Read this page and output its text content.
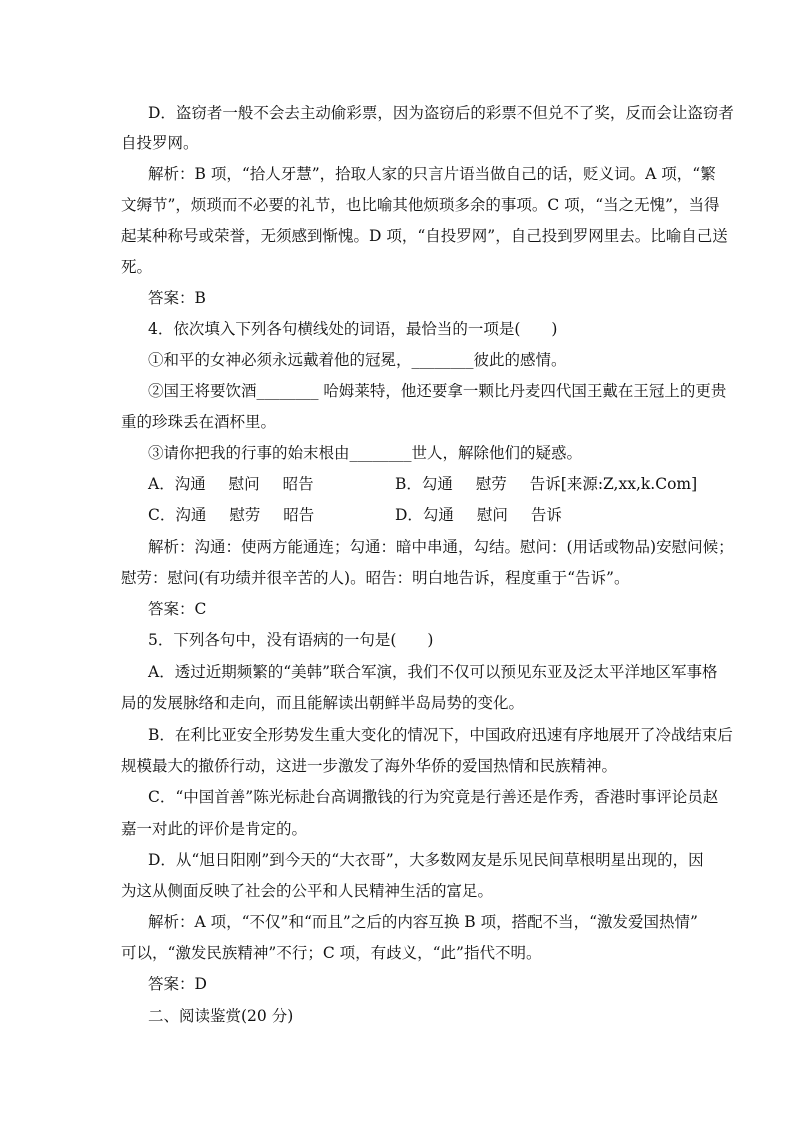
D．盗窃者一般不会去主动偷彩票，因为盗窃后的彩票不但兑不了奖，反而会让盗窃者
自投罗网。
解析：B 项，“拾人牙慧”，拾取人家的只言片语当做自己的话，贬义词。A 项，“繁
文缛节”，烦琐而不必要的礼节，也比喻其他烦琐多余的事项。C 项，“当之无愧”，当得
起某种称号或荣誉，无须感到惭愧。D 项，“自投罗网”，自己投到罗网里去。比喻自己送
死。
答案：B
4．依次填入下列各句横线处的词语，最恰当的一项是(　　)
①和平的女神必须永远戴着他的冠冕，________彼此的感情。
②国王将要饮酒________ 哈姆莱特，他还要拿一颗比丹麦四代国王戴在王冠上的更贵
重的珍珠丢在酒杯里。
③请你把我的行事的始末根由________世人，解除他们的疑惑。
A．沟通 慰问 昭告	B．勾通 慰劳 告诉[来源:Z,xx,k.Com]
C．沟通 慰劳 昭告	D．勾通 慰问 告诉
解析：沟通：使两方能通连；勾通：暗中串通，勾结。慰问：(用话或物品)安慰问候；
慰劳：慰问(有功绩并很辛苦的人)。昭告：明白地告诉，程度重于“告诉”。
答案：C
5．下列各句中，没有语病的一句是(　　)
A．透过近期频繁的“美韩”联合军演，我们不仅可以预见东亚及泛太平洋地区军事格
局的发展脉络和走向，而且能解读出朝鲜半岛局势的变化。
B．在利比亚安全形势发生重大变化的情况下，中国政府迅速有序地展开了冷战结束后
规模最大的撤侨行动，这进一步激发了海外华侨的爱国热情和民族精神。
C．“中国首善”陈光标赴台高调撒钱的行为究竟是行善还是作秀，香港时事评论员赵
嘉一对此的评价是肯定的。
D．从“旭日阳刚”到今天的“大衣哥”，大多数网友是乐见民间草根明星出现的，因
为这从侧面反映了社会的公平和人民精神生活的富足。
解析：A 项，“不仅”和“而且”之后的内容互换 B 项，搭配不当，“激发爱国热情”
可以，“激发民族精神”不行；C 项，有歧义，“此”指代不明。
答案：D
二、阅读鉴赏(20 分)
